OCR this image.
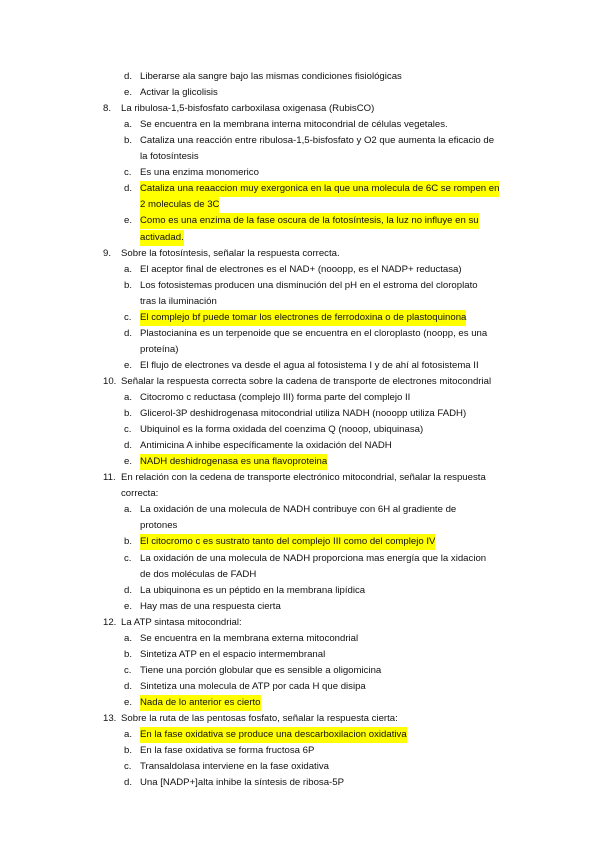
d. Liberarse ala sangre bajo las mismas condiciones fisiológicas
e. Activar la glicolisis
8. La ribulosa-1,5-bisfosfato carboxilasa oxigenasa (RubisCO)
a. Se encuentra en la membrana interna mitocondrial de células vegetales.
b. Cataliza una reacción entre ribulosa-1,5-bisfosfato y O2 que aumenta la eficacio de
la fotosíntesis
c. Es una enzima monomerico
d. Cataliza una reaaccion muy exergonica en la que una molecula de 6C se rompen en
2 moleculas de 3C
e. Como es una enzima de la fase oscura de la fotosíntesis, la luz no influye en su
activadad.
9. Sobre la fotosíntesis, señalar la respuesta correcta.
a. El aceptor final de electrones es el NAD+ (nooopp, es el NADP+ reductasa)
b. Los fotosistemas producen una disminución del pH en el estroma del cloroplato
tras la iluminación
c. El complejo bf puede tomar los electrones de ferrodoxina o de plastoquinona
d. Plastocianina es un terpenoide que se encuentra en el cloroplasto (noopp, es una
proteína)
e. El flujo de electrones va desde el agua al fotosistema I y de ahí al fotosistema II
10. Señalar la respuesta correcta sobre la cadena de transporte de electrones mitocondrial
a. Citocromo c reductasa (complejo III) forma parte del complejo II
b. Glicerol-3P deshidrogenasa mitocondrial utiliza NADH (nooopp utiliza FADH)
c. Ubiquinol es la forma oxidada del coenzima Q (nooop, ubiquinasa)
d. Antimicina A inhibe específicamente la oxidación del NADH
e. NADH deshidrogenasa es una flavoproteina
11. En relación con la cedena de transporte electrónico mitocondrial, señalar la respuesta
correcta:
a. La oxidación de una molecula de NADH contribuye con 6H al gradiente de
protones
b. El citocromo c es sustrato tanto del complejo III como del complejo IV
c. La oxidación de una molecula de NADH proporciona mas energía que la xidacion
de dos moléculas de FADH
d. La ubiquinona es un péptido en la membrana lipídica
e. Hay mas de una respuesta cierta
12. La ATP sintasa mitocondrial:
a. Se encuentra en la membrana externa mitocondrial
b. Sintetiza ATP en el espacio intermembranal
c. Tiene una porción globular que es sensible a oligomicina
d. Sintetiza una molecula de ATP por cada H que disipa
e. Nada de lo anterior es cierto
13. Sobre la ruta de las pentosas fosfato, señalar la respuesta cierta:
a. En la fase oxidativa se produce una descarboxilacion oxidativa
b. En la fase oxidativa se forma fructosa 6P
c. Transaldolasa interviene en la fase oxidativa
d. Una [NADP+]alta inhibe la síntesis de ribosa-5P
